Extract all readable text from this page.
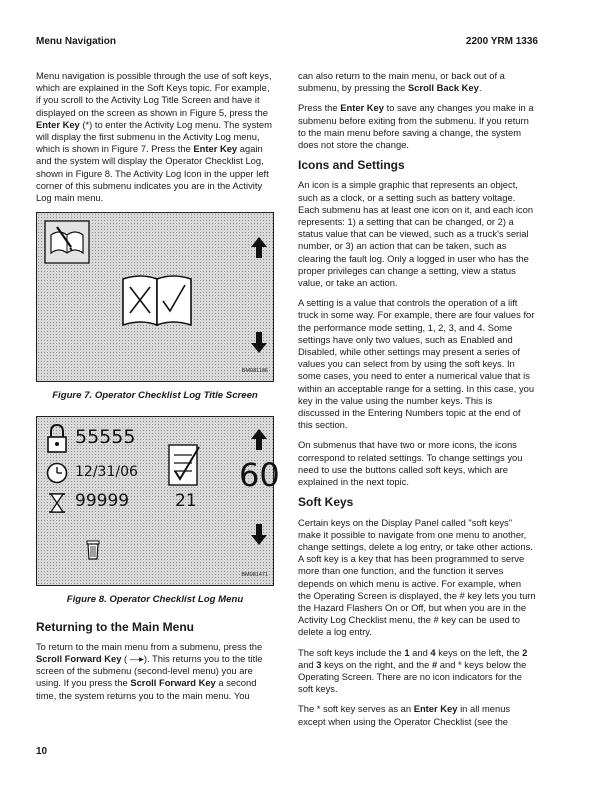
Menu Navigation	2200 YRM 1336

Menu navigation is possible through the use of soft keys, which are explained in the Soft Keys topic. For example, if you scroll to the Activity Log Title Screen and have it displayed on the screen as shown in Figure 5, press the Enter Key (*) to enter the Activity Log menu. The system will display the first submenu in the Activity Log menu, which is shown in Figure 7. Press the Enter Key again and the system will display the Operator Checklist Log, shown in Figure 8. The Activity Log Icon in the upper left corner of this submenu indicates you are in the Activity Log main menu.

BM081186
Figure 7. Operator Checklist Log Title Screen
55555
12/31/06
99999	21
60
BM081471
Figure 8. Operator Checklist Log Menu
Returning to the Main Menu

To return to the main menu from a submenu, press the Scroll Forward Key ( —▸). This returns you to the title screen of the submenu (second-level menu) you are using. If you press the Scroll Forward Key a second time, the system returns you to the main menu. You

can also return to the main menu, or back out of a submenu, by pressing the Scroll Back Key.

Press the Enter Key to save any changes you make in a submenu before exiting from the submenu. If you return to the main menu before saving a change, the system does not store the change.

Icons and Settings

An icon is a simple graphic that represents an object, such as a clock, or a setting such as battery voltage. Each submenu has at least one icon on it, and each icon represents: 1) a setting that can be changed, or 2) a status value that can be viewed, such as a truck's serial number, or 3) an action that can be taken, such as clearing the fault log. Only a logged in user who has the proper privileges can change a setting, view a status value, or take an action.

A setting is a value that controls the operation of a lift truck in some way. For example, there are four values for the performance mode setting, 1, 2, 3, and 4. Some settings have only two values, such as Enabled and Disabled, while other settings may present a series of values you can select from by using the soft keys. In some cases, you need to enter a numerical value that is within an acceptable range for a setting. In this case, you key in the value using the number keys. This is discussed in the Entering Numbers topic at the end of this section.

On submenus that have two or more icons, the icons correspond to related settings. To change settings you need to use the buttons called soft keys, which are explained in the next topic.

Soft Keys

Certain keys on the Display Panel called "soft keys" make it possible to navigate from one menu to another, change settings, delete a log entry, or take other actions. A soft key is a key that has been programmed to serve more than one function, and the function it serves depends on which menu is active. For example, when the Operating Screen is displayed, the # key lets you turn the Hazard Flashers On or Off, but when you are in the Activity Log Checklist menu, the # key can be used to delete a log entry.

The soft keys include the 1 and 4 keys on the left, the 2 and 3 keys on the right, and the # and * keys below the Operating Screen. There are no icon indicators for the soft keys.

The * soft key serves as an Enter Key in all menus except when using the Operator Checklist (see the

10
